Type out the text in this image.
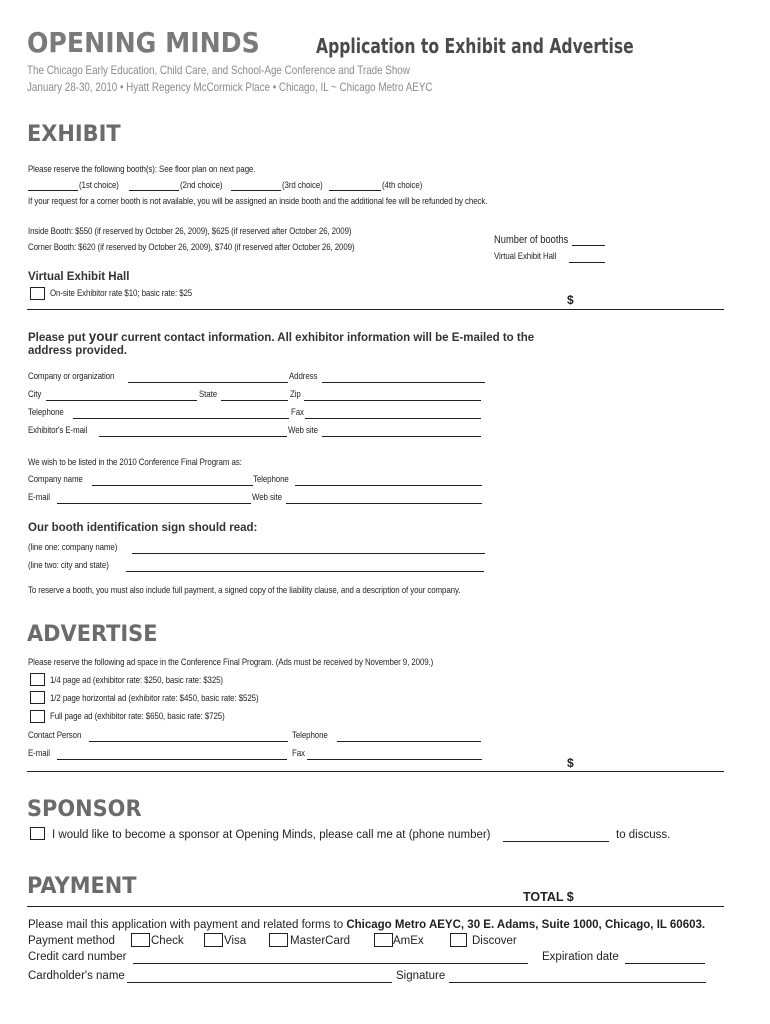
OPENING MINDS	Application to Exhibit and Advertise
The Chicago Early Education, Child Care, and School-Age Conference and Trade Show
January 28-30, 2010 • Hyatt Regency McCormick Place • Chicago, IL ~ Chicago Metro AEYC
EXHIBIT
Please reserve the following booth(s): See floor plan on next page.
(1st choice)	(2nd choice)	(3rd choice)	(4th choice)
If your request for a corner booth is not available, you will be assigned an inside booth and the additional fee will be refunded by check.
Inside Booth: $550 (if reserved by October 26, 2009), $625 (if reserved after October 26, 2009)
Corner Booth: $620 (if reserved by October 26, 2009), $740 (if reserved after October 26, 2009)
Number of booths
Virtual Exhibit Hall
Virtual Exhibit Hall
On-site Exhibitor rate $10; basic rate: $25	$
Please put your current contact information. All exhibitor information will be E-mailed to the
address provided.
Company or organization	Address
City	State	Zip
Telephone	Fax
Exhibitor's E-mail	Web site
We wish to be listed in the 2010 Conference Final Program as:
Company name	Telephone
E-mail	Web site
Our booth identification sign should read:
(line one: company name)
(line two: city and state)
To reserve a booth, you must also include full payment, a signed copy of the liability clause, and a description of your company.
ADVERTISE
Please reserve the following ad space in the Conference Final Program. (Ads must be received by November 9, 2009.)
1/4 page ad (exhibitor rate: $250, basic rate: $325)
1/2 page horizontal ad (exhibitor rate: $450, basic rate: $525)
Full page ad (exhibitor rate: $650, basic rate: $725)
Contact Person	Telephone
E-mail	Fax
$
SPONSOR
I would like to become a sponsor at Opening Minds, please call me at (phone number)	to discuss.
PAYMENT	TOTAL $
Please mail this application with payment and related forms to Chicago Metro AEYC, 30 E. Adams, Suite 1000, Chicago, IL 60603.
Payment method	Check	Visa	MasterCard	AmEx	Discover
Credit card number	Expiration date
Cardholder's name	Signature
